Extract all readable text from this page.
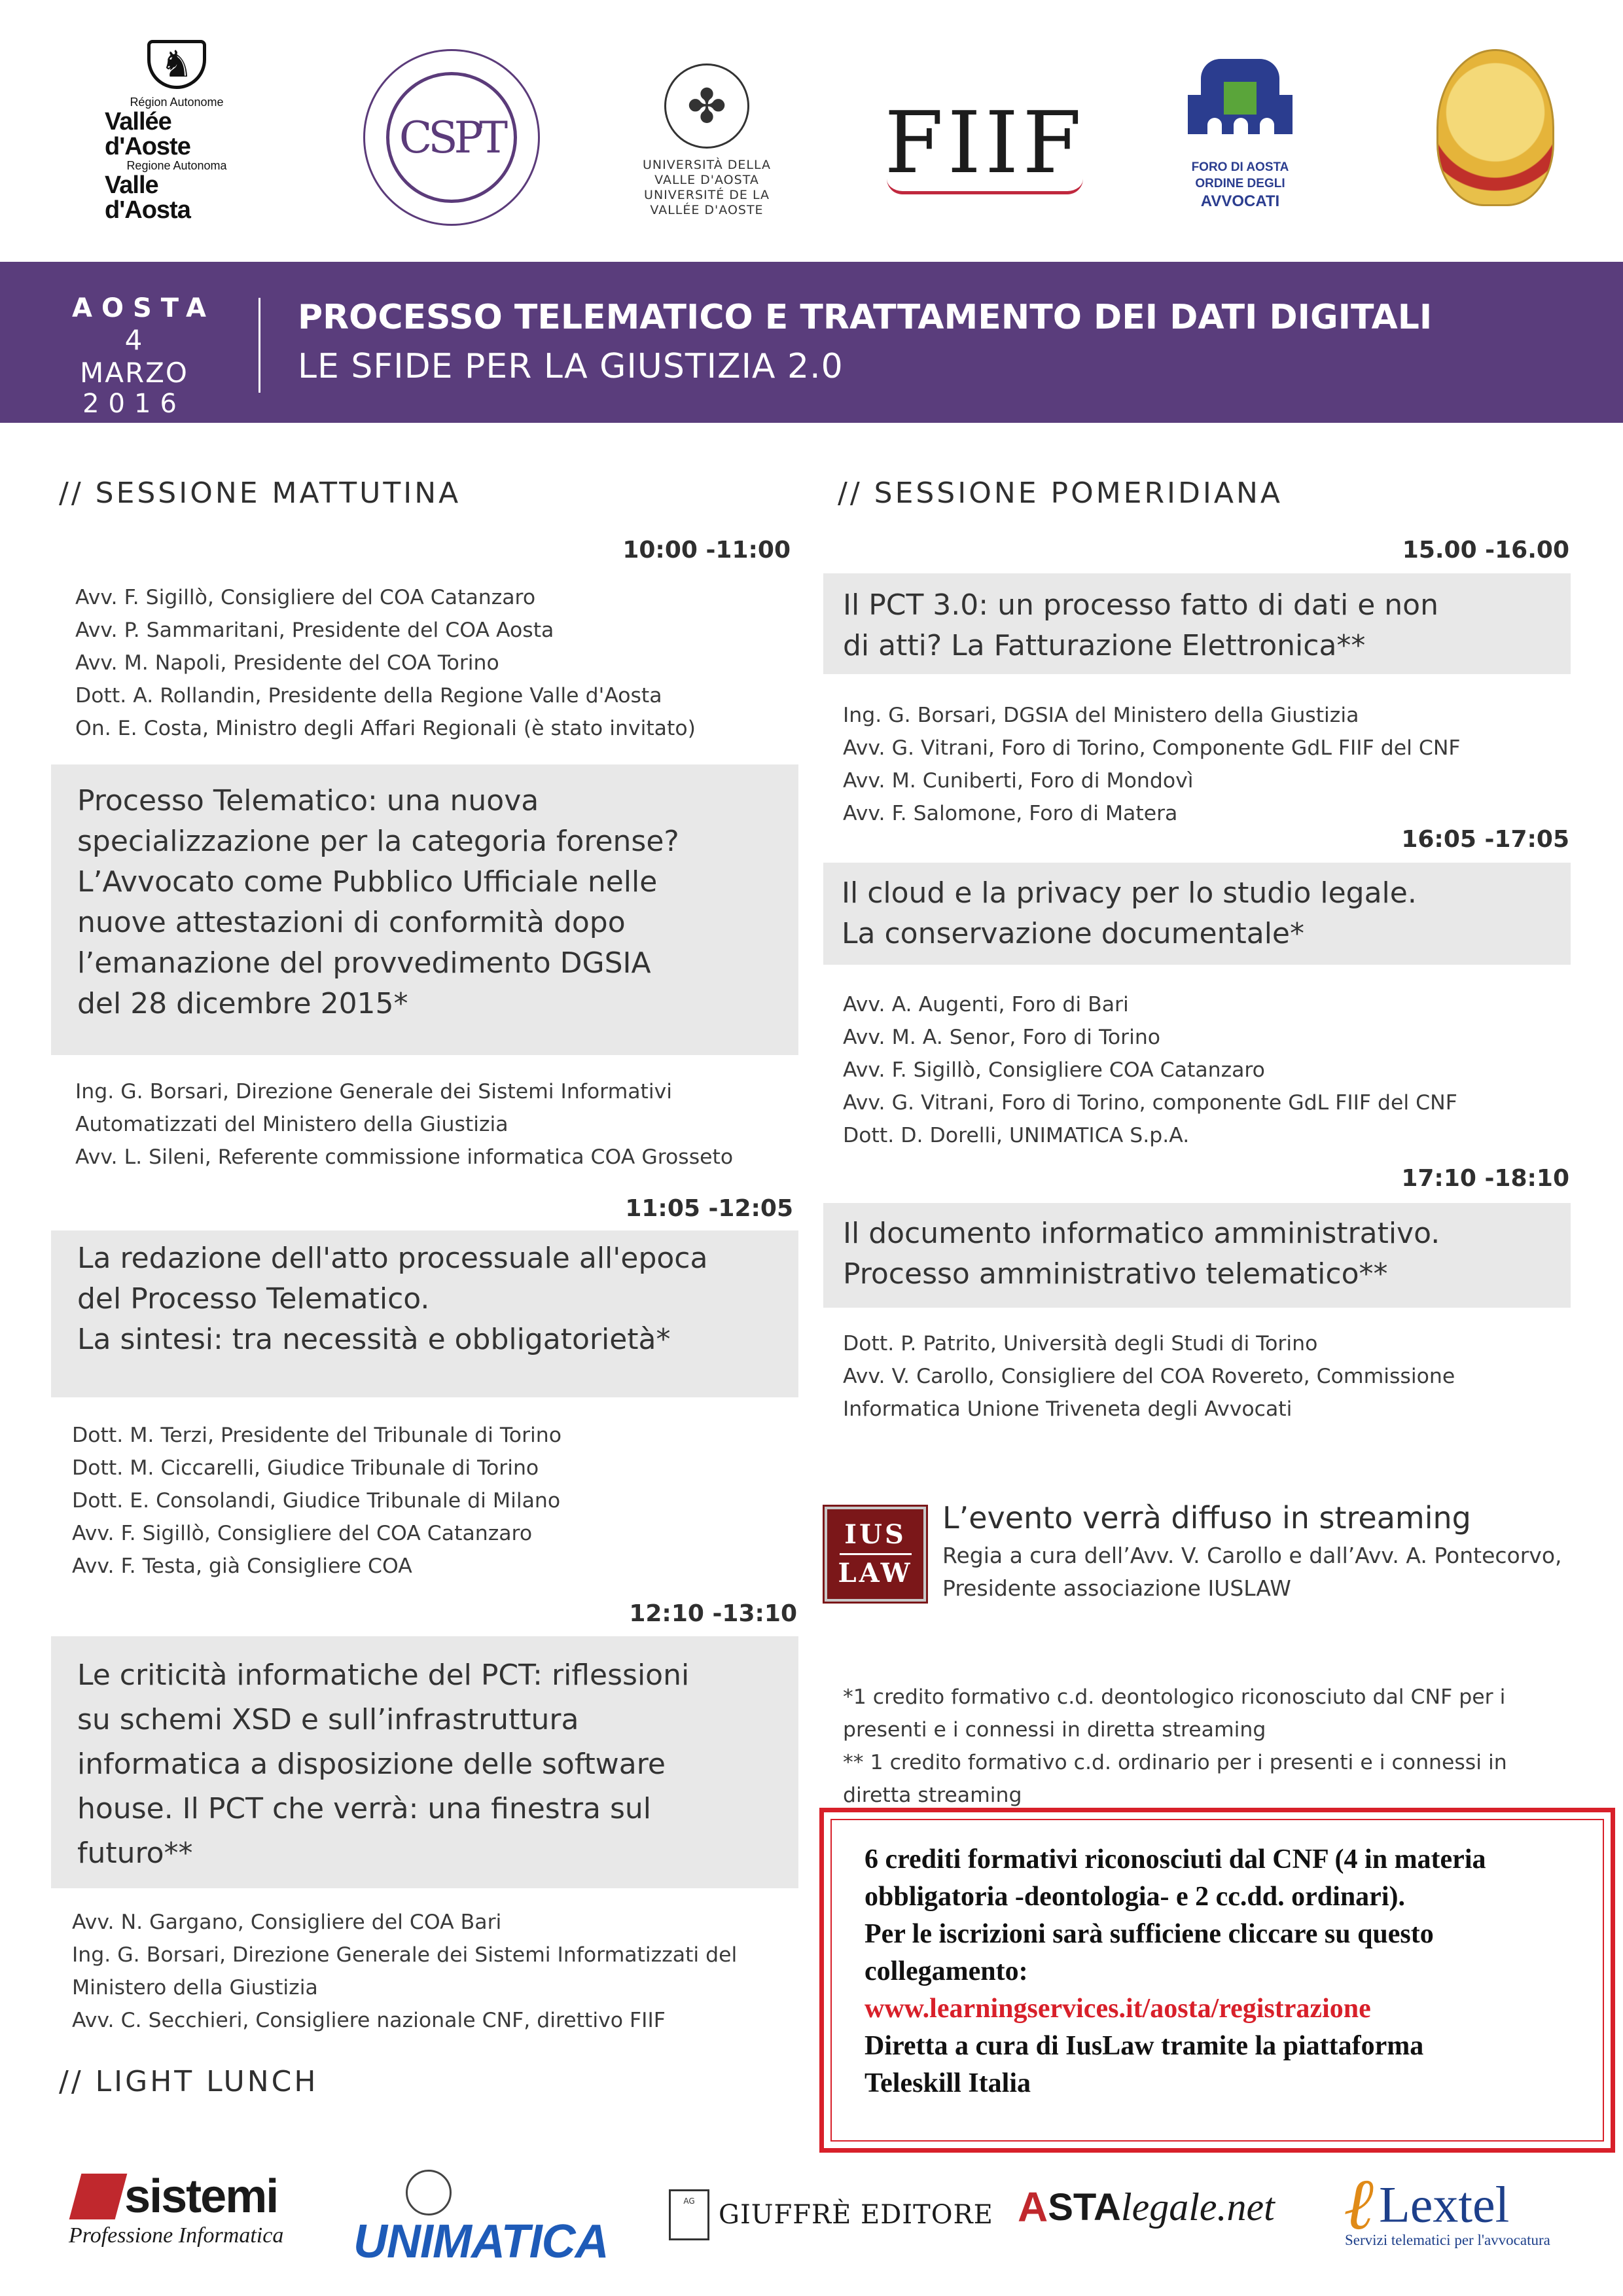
♞
Région Autonome
Vallée d'Aoste
Regione Autonoma
Valle d'Aosta
CSPT
✤
UNIVERSITÀ DELLA
VALLE D'AOSTA
UNIVERSITÉ DE LA
VALLÉE D'AOSTE
FIIF	FORO DI AOSTA
ORDINE DEGLI
AVVOCATI
AOSTA
4 MARZO
2016
PROCESSO TELEMATICO E TRATTAMENTO DEI DATI DIGITALI
LE SFIDE PER LA GIUSTIZIA 2.0
// SESSIONE MATTUTINA
10:00 -11:00
Avv. F. Sigillò, Consigliere del COA Catanzaro
Avv. P. Sammaritani, Presidente del COA Aosta
Avv. M. Napoli, Presidente del COA Torino
Dott. A. Rollandin, Presidente della Regione Valle d'Aosta
On. E. Costa, Ministro degli Affari Regionali (è stato invitato)
Processo Telematico: una nuova
specializzazione per la categoria forense?
L’Avvocato come Pubblico Ufficiale nelle
nuove attestazioni di conformità dopo
l’emanazione del provvedimento DGSIA
del 28 dicembre 2015*
Ing. G. Borsari, Direzione Generale dei Sistemi Informativi
Automatizzati del Ministero della Giustizia
Avv. L. Sileni, Referente commissione informatica COA Grosseto
11:05 -12:05
La redazione dell'atto processuale all'epoca
del Processo Telematico.
La sintesi: tra necessità e obbligatorietà*
Dott. M. Terzi, Presidente del Tribunale di Torino
Dott. M. Ciccarelli, Giudice Tribunale di Torino
Dott. E. Consolandi, Giudice Tribunale di Milano
Avv. F. Sigillò, Consigliere del COA Catanzaro
Avv. F. Testa, già Consigliere COA
12:10 -13:10
Le criticità informatiche del PCT: riflessioni
su schemi XSD e sull’infrastruttura
informatica a disposizione delle software
house. Il PCT che verrà: una finestra sul
futuro**
Avv. N. Gargano, Consigliere del COA Bari
Ing. G. Borsari, Direzione Generale dei Sistemi Informatizzati del
Ministero della Giustizia
Avv. C. Secchieri, Consigliere nazionale CNF, direttivo FIIF
// LIGHT LUNCH
// SESSIONE POMERIDIANA
15.00 -16.00
Il PCT 3.0: un processo fatto di dati e non
di atti? La Fatturazione Elettronica**
Ing. G. Borsari, DGSIA del Ministero della Giustizia
Avv. G. Vitrani, Foro di Torino, Componente GdL FIIF del CNF
Avv. M. Cuniberti, Foro di Mondovì
Avv. F. Salomone, Foro di Matera
16:05 -17:05
Il cloud e la privacy per lo studio legale.
La conservazione documentale*
Avv. A. Augenti, Foro di Bari
Avv. M. A. Senor, Foro di Torino
Avv. F. Sigillò, Consigliere COA Catanzaro
Avv. G. Vitrani, Foro di Torino, componente GdL FIIF del CNF
Dott. D. Dorelli, UNIMATICA S.p.A.
17:10 -18:10
Il documento informatico amministrativo.
Processo amministrativo telematico**
Dott. P. Patrito, Università degli Studi di Torino
Avv. V. Carollo, Consigliere del COA Rovereto, Commissione
Informatica Unione Triveneta degli Avvocati
IUS
LAW
L’evento verrà diffuso in streaming
Regia a cura dell’Avv. V. Carollo e dall’Avv. A. Pontecorvo,
Presidente associazione IUSLAW
*1 credito formativo c.d. deontologico riconosciuto dal CNF per i
presenti e i connessi in diretta streaming
** 1 credito formativo c.d. ordinario per i presenti e i connessi in
diretta streaming
6 crediti formativi riconosciuti dal CNF (4 in materia
obbligatoria -deontologia- e 2 cc.dd. ordinari).
Per le iscrizioni sarà sufficiene cliccare su questo
collegamento:
www.learningservices.it/aosta/registrazione
Diretta a cura di IusLaw tramite la piattaforma
Teleskill Italia
sistemi
Professione Informatica UNIMATICA
AG GIUFFRÈ EDITORE A STA legale.net ℓ Lextel
Servizi telematici per l'avvocatura
